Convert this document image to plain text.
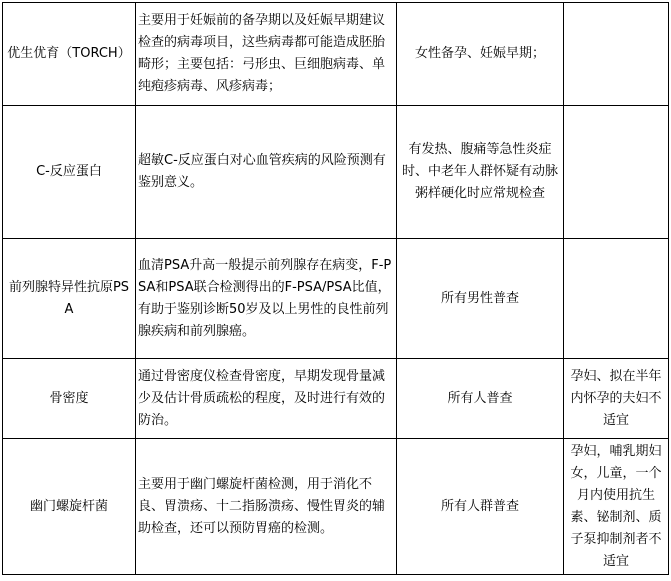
优生优育（TORCH）	主要用于妊娠前的备孕期以及妊娠早期建议检查的病毒项目，这些病毒都可能造成胚胎畸形；主要包括：弓形虫、巨细胞病毒、单纯疱疹病毒、风疹病毒；	女性备孕、妊娠早期；	

C-反应蛋白	超敏C-反应蛋白对心血管疾病的风险预测有鉴别意义。	有发热、腹痛等急性炎症时、中老年人群怀疑有动脉粥样硬化时应常规检查	

前列腺特异性抗原PSA	血清PSA升高一般提示前列腺存在病变，F-PSA和PSA联合检测得出的F-PSA/PSA比值，有助于鉴别诊断50岁及以上男性的良性前列腺疾病和前列腺癌。	所有男性普查	

骨密度	通过骨密度仪检查骨密度，早期发现骨量减少及估计骨质疏松的程度，及时进行有效的防治。	所有人普查	孕妇、拟在半年内怀孕的夫妇不适宜

幽门螺旋杆菌	主要用于幽门螺旋杆菌检测，用于消化不良、胃溃疡、十二指肠溃疡、慢性胃炎的辅助检查，还可以预防胃癌的检测。	所有人群普查	孕妇，哺乳期妇女，儿童，一个月内使用抗生素、铋制剂、质子泵抑制剂者不适宜
